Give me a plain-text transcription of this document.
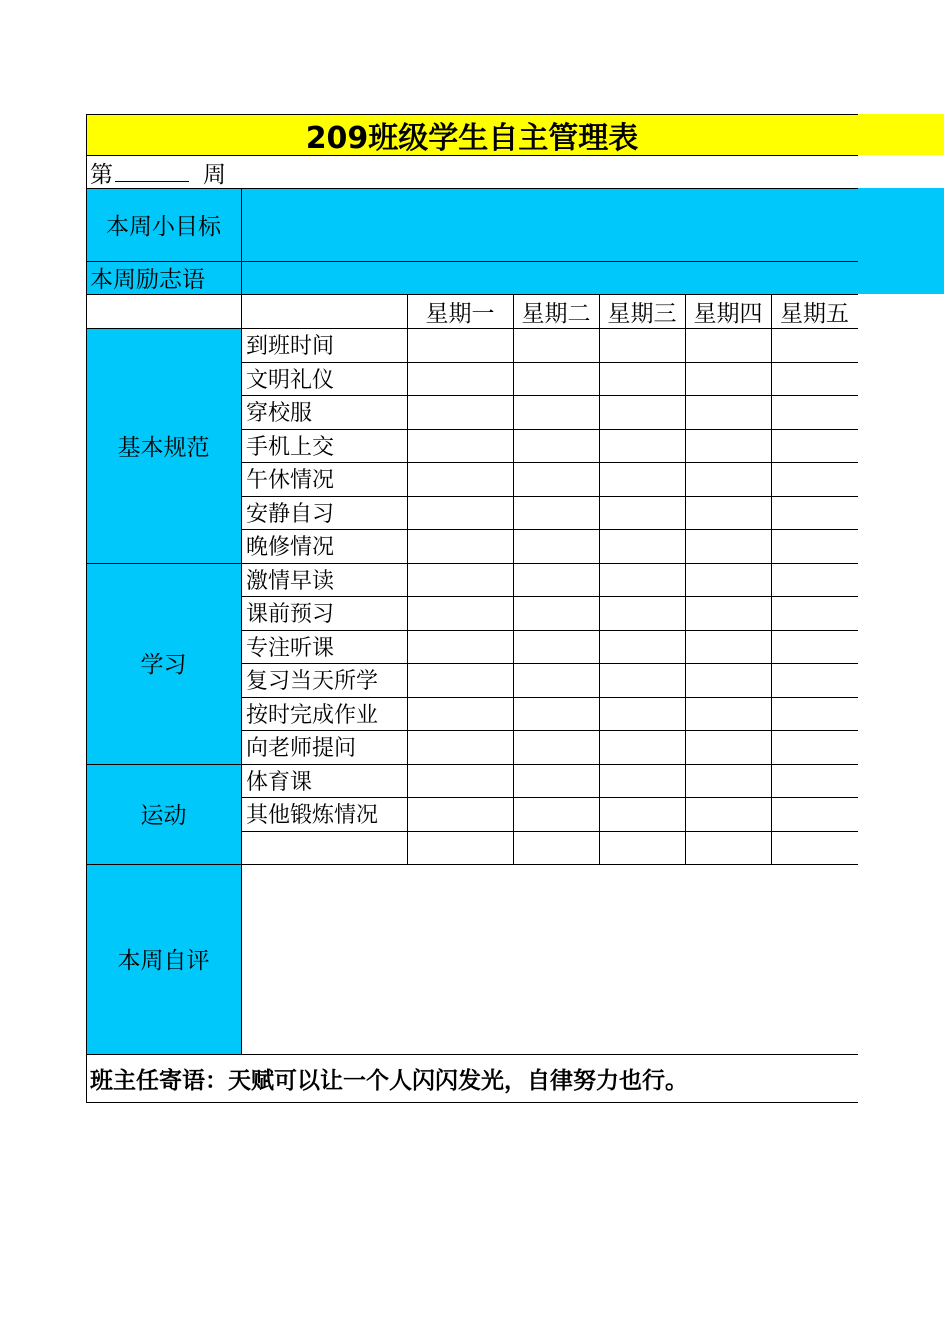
209班级学生自主管理表
第	周
本周小目标
本周励志语
星期一	星期二 星期三 星期四 星期五
基本规范
学习
运动
本周自评
到班时间
文明礼仪
穿校服
手机上交
午休情况
安静自习
晚修情况
激情早读
课前预习
专注听课
复习当天所学
按时完成作业
向老师提问
体育课
其他锻炼情况
班主任寄语：天赋可以让一个人闪闪发光，自律努力也行。
